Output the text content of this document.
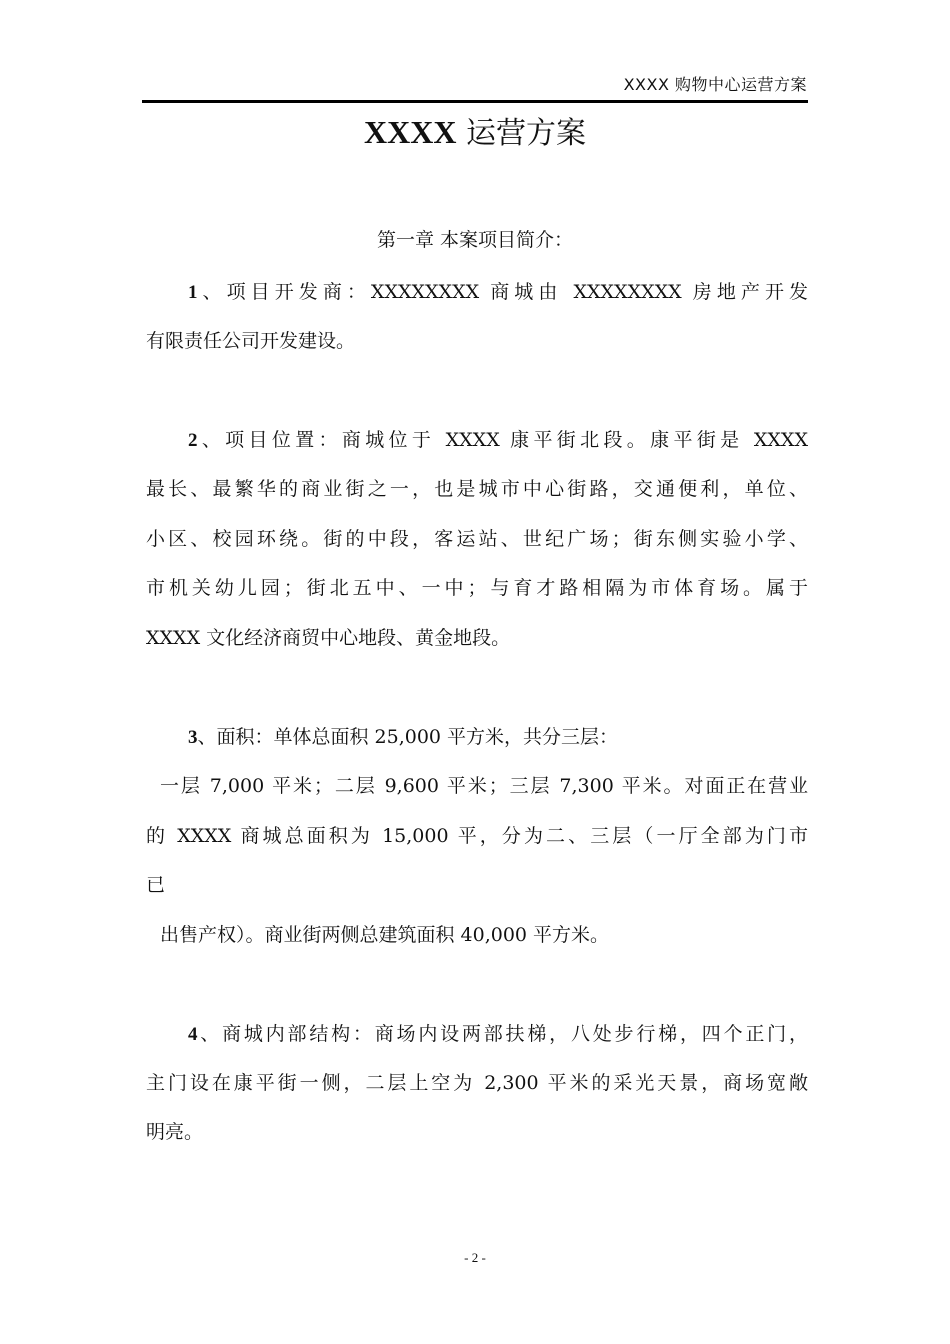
XXXX 购物中心运营方案
XXXX 运营方案
第一章 本案项目简介：
1、项目开发商：XXXXXXXX 商城由 XXXXXXXX 房地产开发
有限责任公司开发建设。
2、项目位置：商城位于 XXXX 康平街北段。康平街是 XXXX
最长、最繁华的商业街之一，也是城市中心街路，交通便利，单位、
小区、校园环绕。街的中段，客运站、世纪广场；街东侧实验小学、
市机关幼儿园；街北五中、一中；与育才路相隔为市体育场。属于
XXXX 文化经济商贸中心地段、黄金地段。
3、面积：单体总面积 25,000 平方米，共分三层：
一层 7,000 平米；二层 9,600 平米；三层 7,300 平米。对面正在营业
的 XXXX 商城总面积为 15,000 平，分为二、三层（一厅全部为门市
已
出售产权）。商业街两侧总建筑面积 40,000 平方米。
4、商城内部结构：商场内设两部扶梯，八处步行梯，四个正门，
主门设在康平街一侧，二层上空为 2,300 平米的采光天景，商场宽敞
明亮。
- 2 -
